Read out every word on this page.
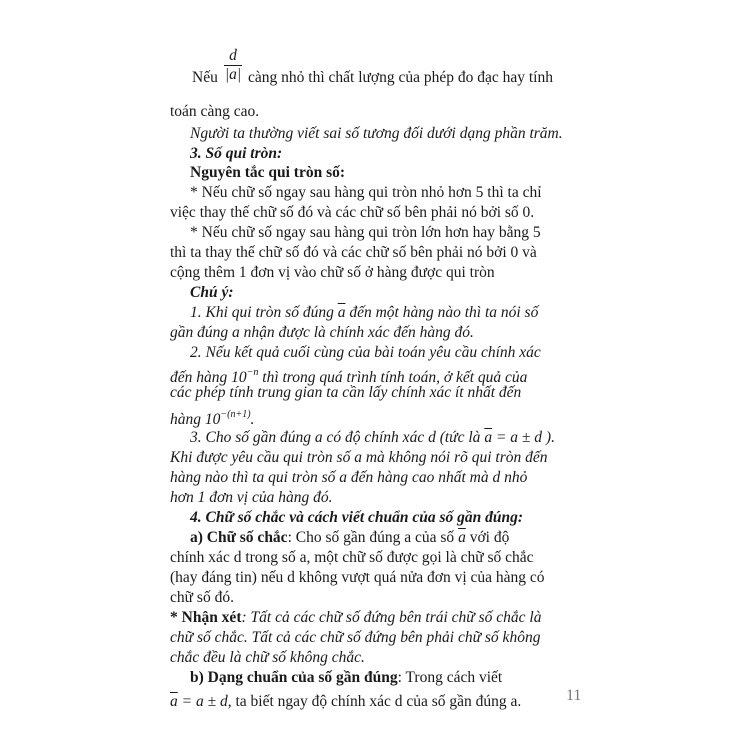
Nếu
d
|a| càng nhỏ thì chất lượng của phép đo đạc hay tính
toán càng cao.
Người ta thường viết sai số tương đối dưới dạng phần trăm.
3. Số qui tròn:
Nguyên tắc qui tròn số:
* Nếu chữ số ngay sau hàng qui tròn nhỏ hơn 5 thì ta chỉ
việc thay thế chữ số đó và các chữ số bên phải nó bởi số 0.
* Nếu chữ số ngay sau hàng qui tròn lớn hơn hay bằng 5
thì ta thay thế chữ số đó và các chữ số bên phải nó bởi 0 và
cộng thêm 1 đơn vị vào chữ số ở hàng được qui tròn
Chú ý:
1. Khi qui tròn số đúng $\overline{a}$ đến một hàng nào thì ta nói số
gần đúng a nhận được là chính xác đến hàng đó.
2. Nếu kết quả cuối cùng của bài toán yêu cầu chính xác
đến hàng $10^{-n}$ thì trong quá trình tính toán, ở kết quả của
các phép tính trung gian ta cần lấy chính xác ít nhất đến
hàng $10^{-(n+1)}$.
3. Cho số gần đúng a có độ chính xác d (tức là $\overline{a} = a \pm d$ ).
Khi được yêu cầu qui tròn số a mà không nói rõ qui tròn đến
hàng nào thì ta qui tròn số a đến hàng cao nhất mà d nhỏ
hơn 1 đơn vị của hàng đó.
4. Chữ số chắc và cách viết chuẩn của số gần đúng:
a) Chữ số chắc: Cho số gần đúng a của số $\overline{a}$ với độ
chính xác d trong số a, một chữ số được gọi là chữ số chắc
(hay đáng tin) nếu d không vượt quá nửa đơn vị của hàng có
chữ số đó.
* Nhận xét: Tất cả các chữ số đứng bên trái chữ số chắc là
chữ số chắc. Tất cả các chữ số đứng bên phải chữ số không
chắc đều là chữ số không chắc.
b) Dạng chuẩn của số gần đúng: Trong cách viết
$\overline{a} = a \pm d$, ta biết ngay độ chính xác d của số gần đúng a.	11
